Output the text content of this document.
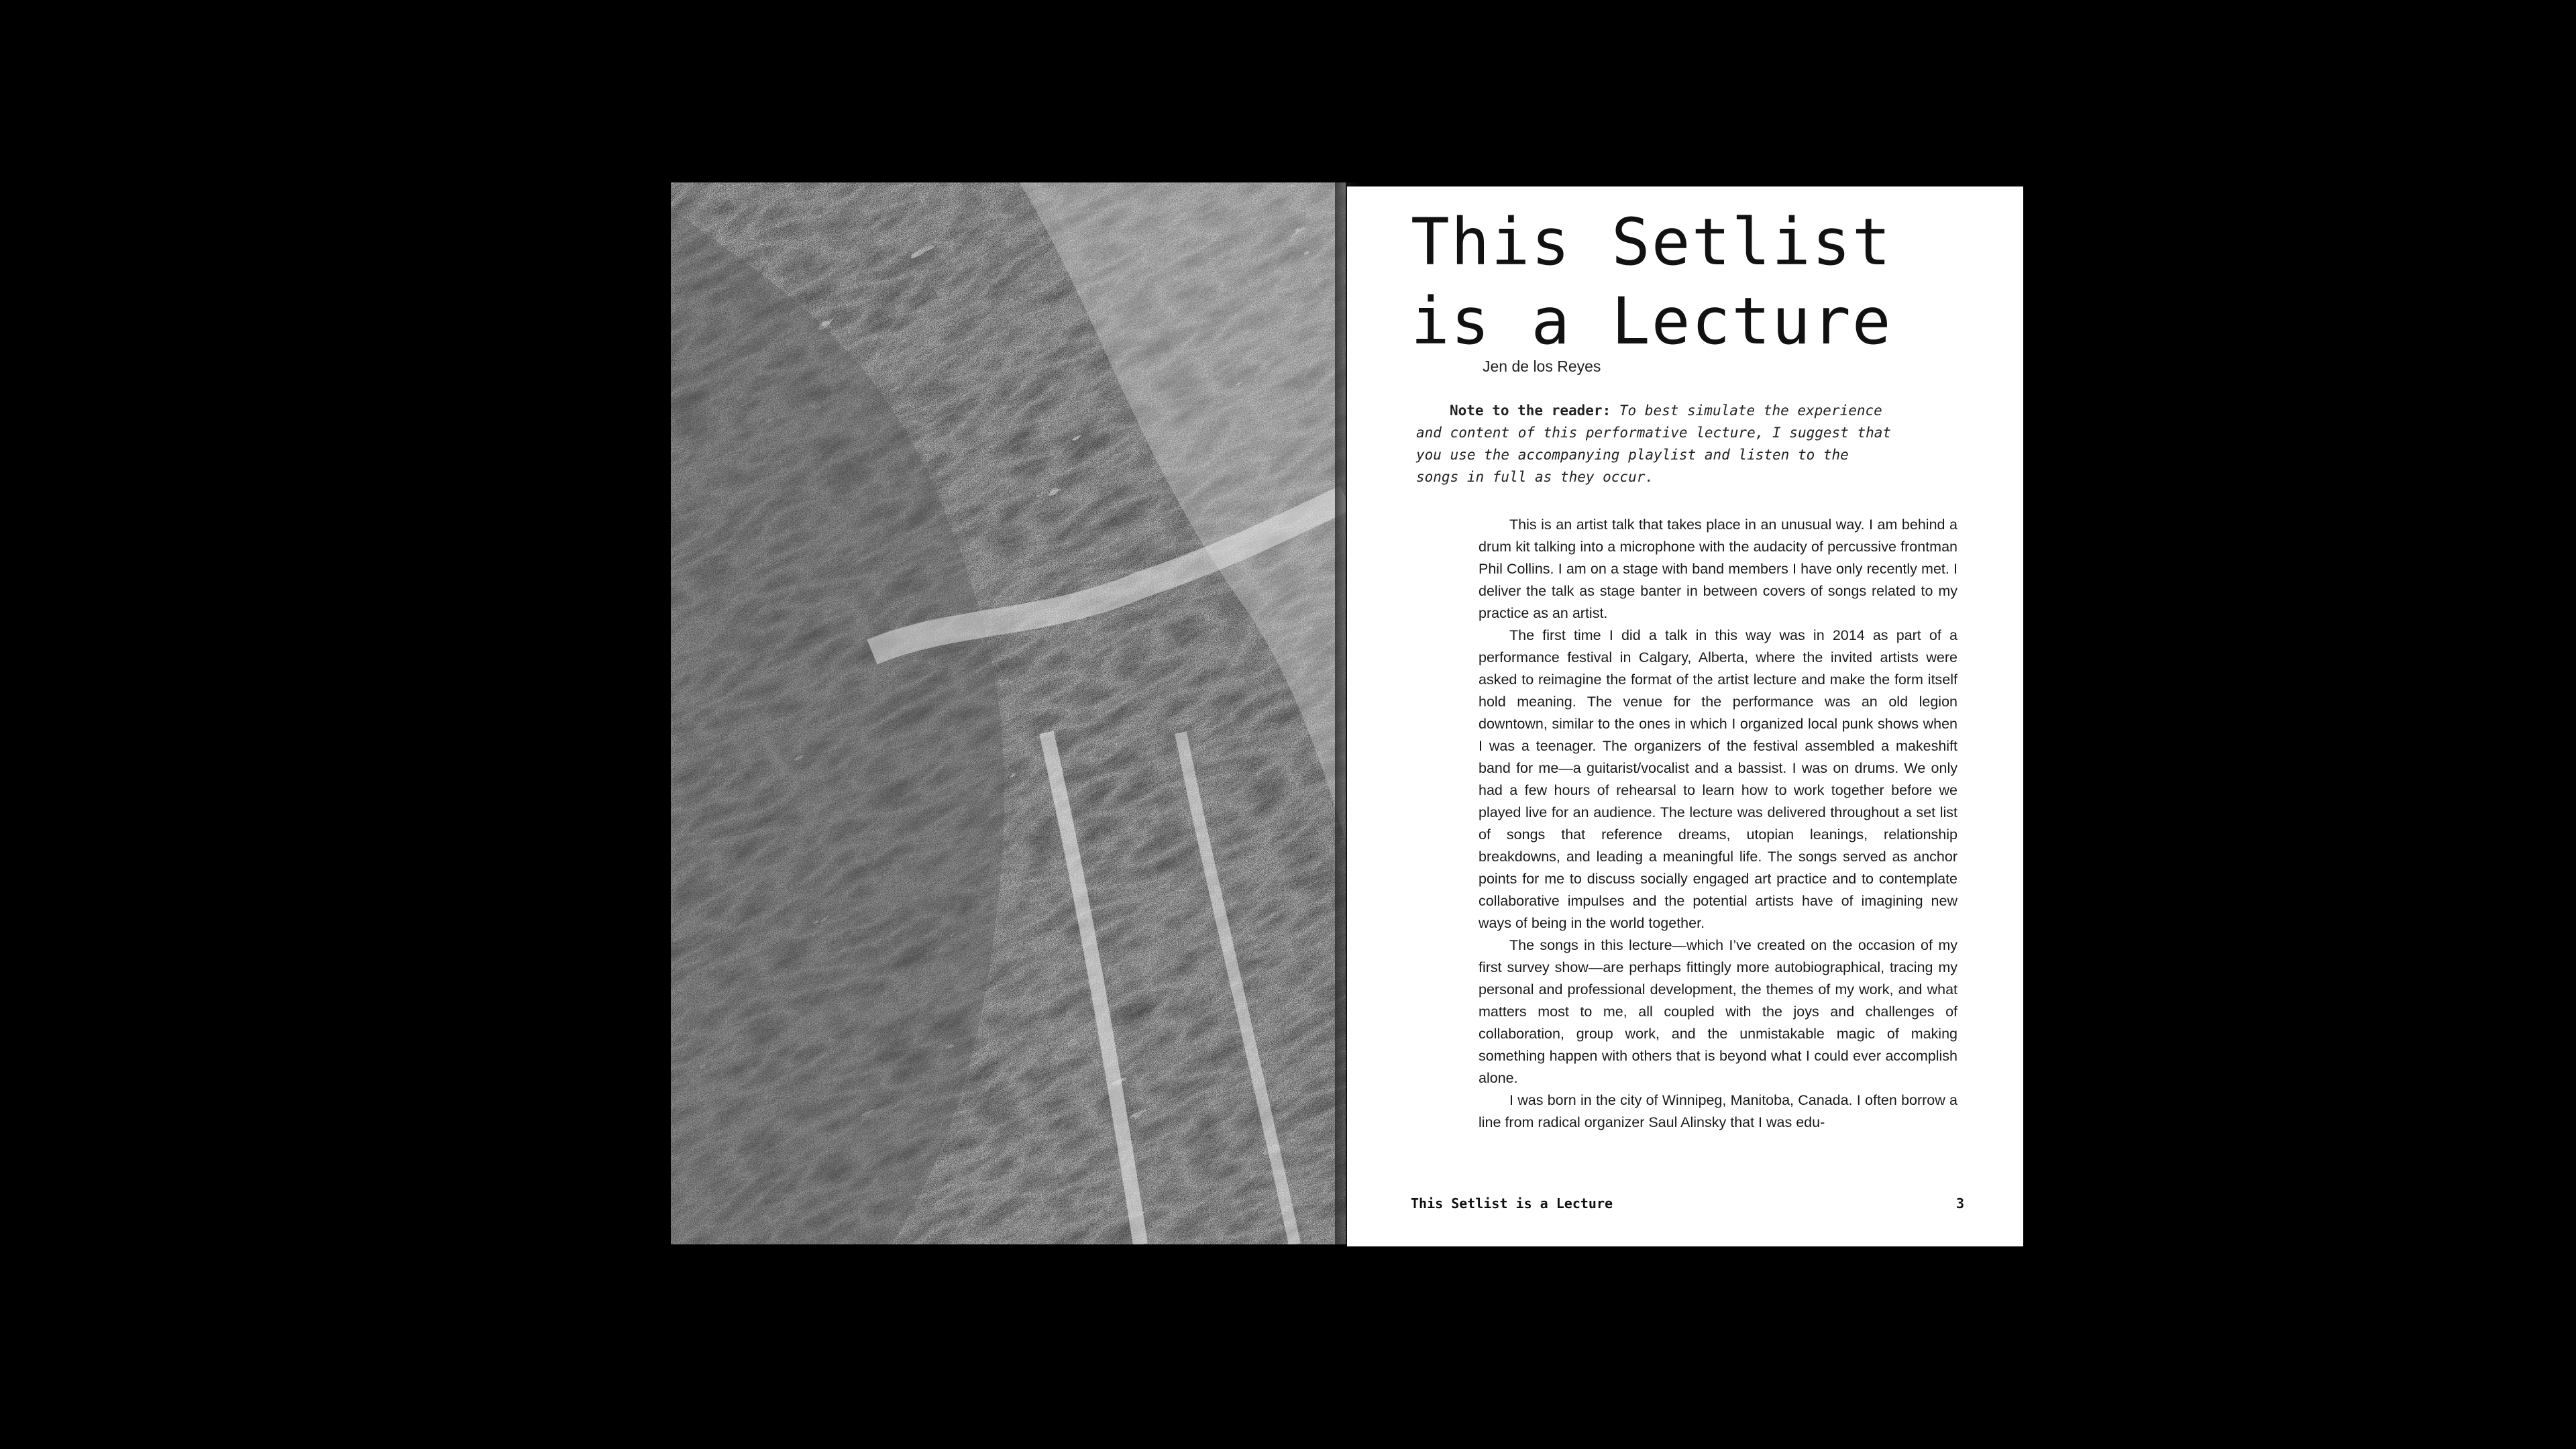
This Setlist
is a Lecture
Jen de los Reyes
Note to the reader: To best simulate the experience and content of this performative lecture, I suggest that you use the accompanying playlist and listen to the songs in full as they occur.

This is an artist talk that takes place in an unusual way. I am behind a drum kit talking into a microphone with the audacity of percussive frontman Phil Collins. I am on a stage with band members I have only recently met. I deliver the talk as stage banter in between covers of songs related to my practice as an artist.

The first time I did a talk in this way was in 2014 as part of a performance festival in Calgary, Alberta, where the invited artists were asked to reimagine the format of the artist lecture and make the form itself hold meaning. The venue for the performance was an old legion downtown, similar to the ones in which I organized local punk shows when I was a teenager. The organizers of the festival assembled a makeshift band for me—a guitarist/vocalist and a bassist. I was on drums. We only had a few hours of rehearsal to learn how to work together before we played live for an audience. The lecture was delivered throughout a set list of songs that reference dreams, utopian leanings, relationship breakdowns, and leading a meaningful life. The songs served as anchor points for me to discuss socially engaged art practice and to contemplate collaborative impulses and the potential artists have of imagining new ways of being in the world together.

The songs in this lecture—which I’ve created on the occasion of my first survey show—are perhaps fittingly more autobiographical, tracing my personal and professional development, the themes of my work, and what matters most to me, all coupled with the joys and challenges of collaboration, group work, and the unmistakable magic of making something happen with others that is beyond what I could ever accomplish alone.

I was born in the city of Winnipeg, Manitoba, Canada. I often borrow a line from radical organizer Saul Alinsky that I was edu-

This Setlist is a Lecture	3
